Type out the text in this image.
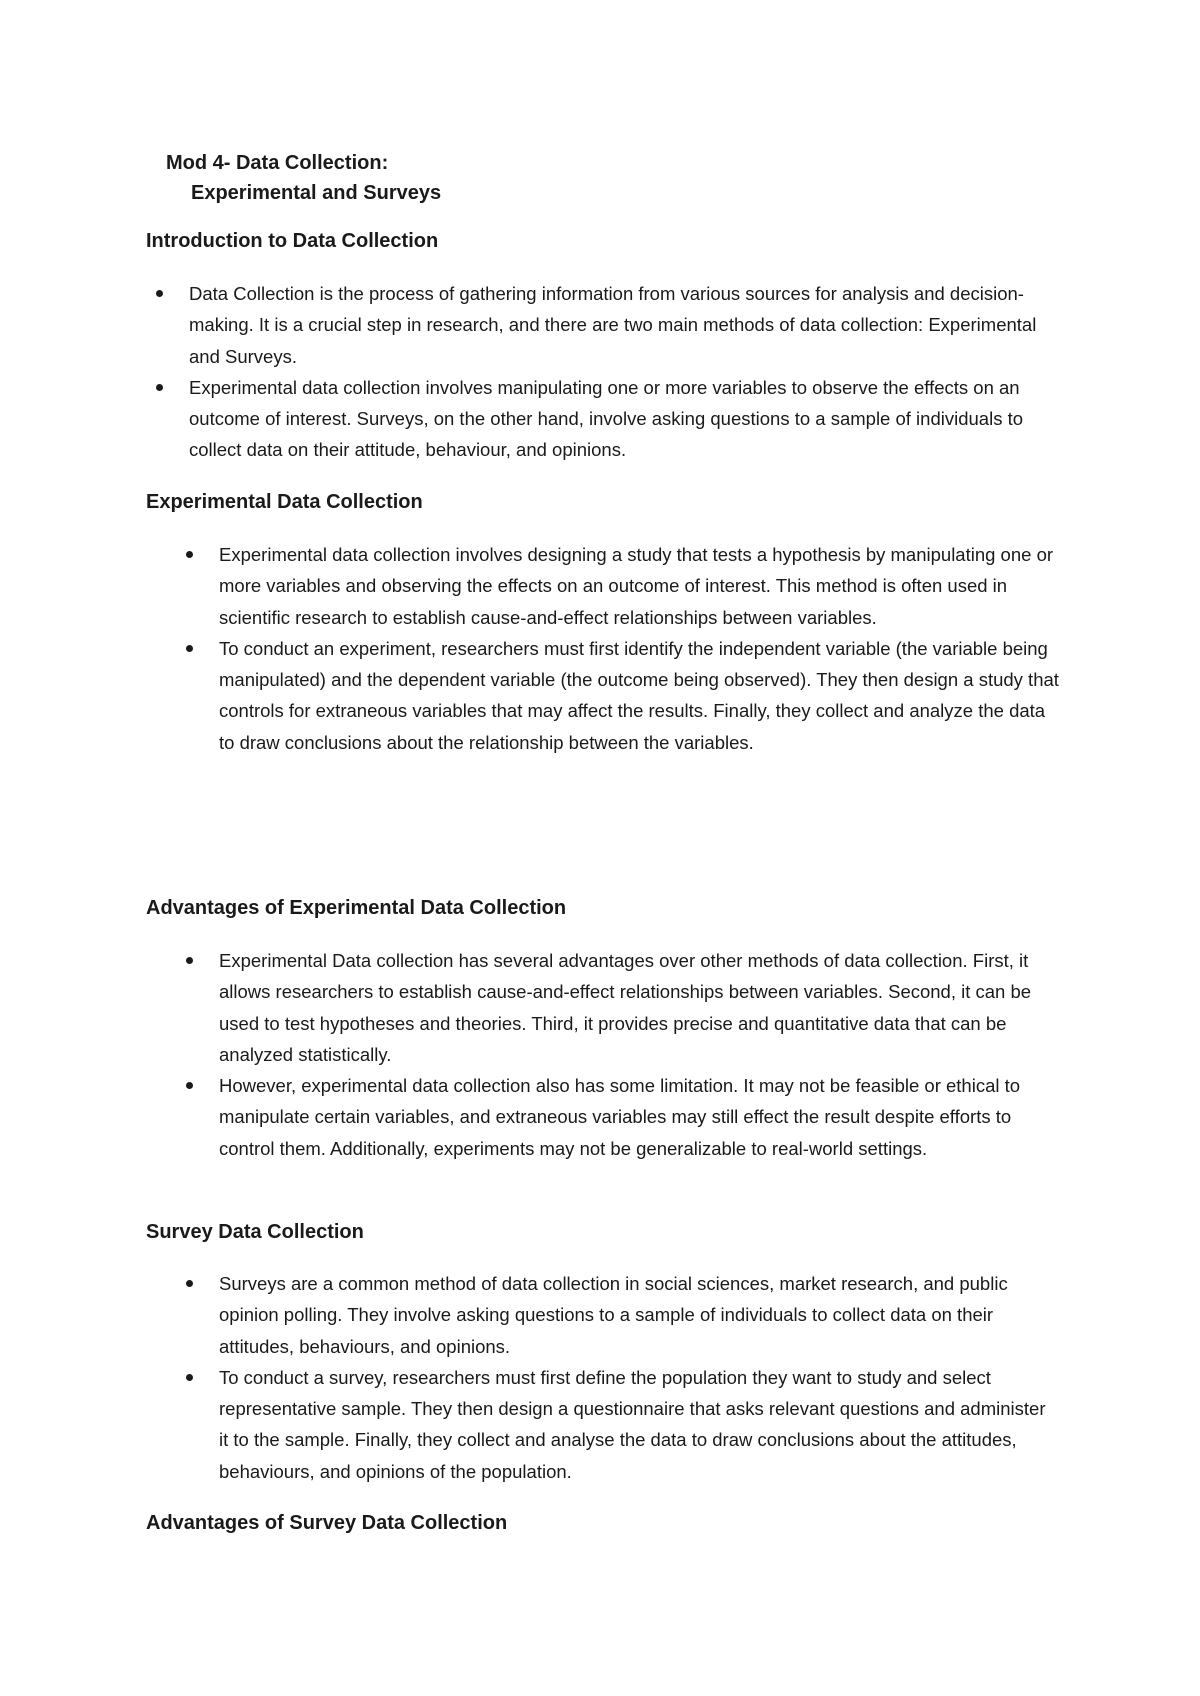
Mod 4- Data Collection:
Experimental and Surveys
Introduction to Data Collection
Data Collection is the process of gathering information from various sources for analysis and decision-making. It is a crucial step in research, and there are two main methods of data collection: Experimental and Surveys.
Experimental data collection involves manipulating one or more variables to observe the effects on an outcome of interest. Surveys, on the other hand, involve asking questions to a sample of individuals to collect data on their attitude, behaviour, and opinions.
Experimental Data Collection
Experimental data collection involves designing a study that tests a hypothesis by manipulating one or more variables and observing the effects on an outcome of interest. This method is often used in scientific research to establish cause-and-effect relationships between variables.
To conduct an experiment, researchers must first identify the independent variable (the variable being manipulated) and the dependent variable (the outcome being observed). They then design a study that controls for extraneous variables that may affect the results. Finally, they collect and analyze the data to draw conclusions about the relationship between the variables.
Advantages of Experimental Data Collection
Experimental Data collection has several advantages over other methods of data collection. First, it allows researchers to establish cause-and-effect relationships between variables. Second, it can be used to test hypotheses and theories. Third, it provides precise and quantitative data that can be analyzed statistically.
However, experimental data collection also has some limitation. It may not be feasible or ethical to manipulate certain variables, and extraneous variables may still effect the result despite efforts to control them. Additionally, experiments may not be generalizable to real-world settings.
Survey Data Collection
Surveys are a common method of data collection in social sciences, market research, and public opinion polling. They involve asking questions to a sample of individuals to collect data on their attitudes, behaviours, and opinions.
To conduct a survey, researchers must first define the population they want to study and select representative sample. They then design a questionnaire that asks relevant questions and administer it to the sample. Finally, they collect and analyse the data to draw conclusions about the attitudes, behaviours, and opinions of the population.
Advantages of Survey Data Collection
